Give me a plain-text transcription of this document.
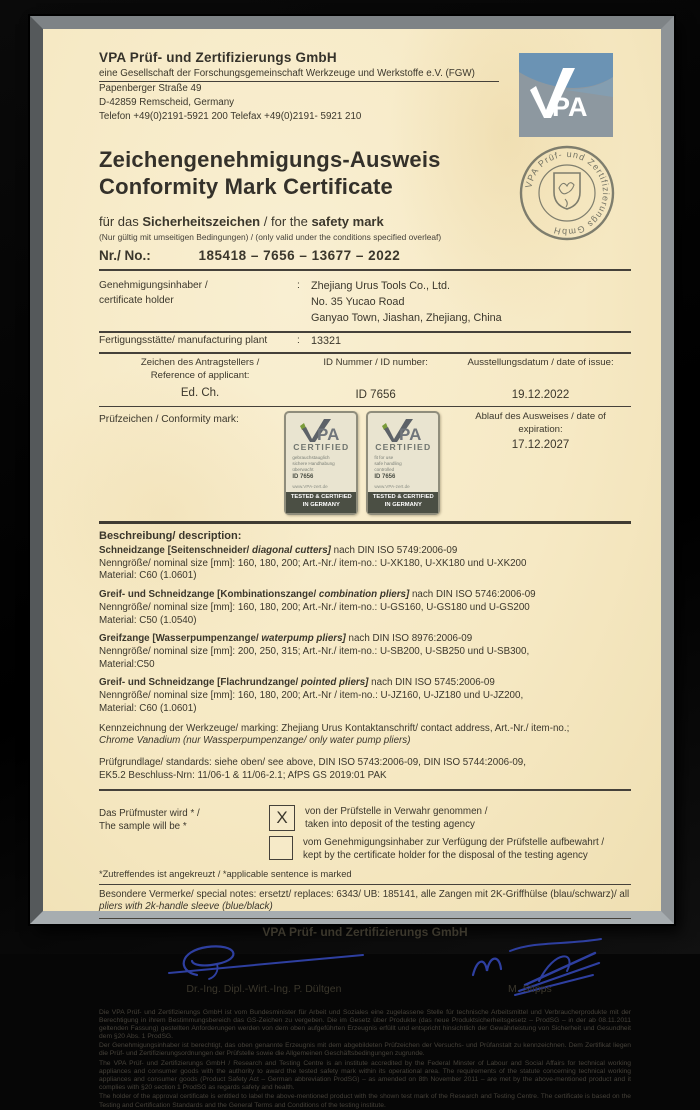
VPA Prüf- und Zertifizierungs GmbH
eine Gesellschaft der Forschungsgemeinschaft Werkzeuge und Werkstoffe e.V. (FGW)
Papenberger Straße 49
D-42859 Remscheid, Germany
Telefon +49(0)2191-5921 200 Telefax +49(0)2191- 5921 210	PA
VPA Prüf- und Zertifizierungs GmbH
Zeichengenehmigungs-Ausweis
Conformity Mark Certificate
für das Sicherheitszeichen / for the safety mark
(Nur gültig mit umseitigen Bedingungen) / (only valid under the conditions specified overleaf)
Nr./ No.:	185418 – 7656 – 13677 – 2022
Genehmigungsinhaber /
certificate holder
:	Zhejiang Urus Tools Co., Ltd.
No. 35 Yucao Road
Ganyao Town, Jiashan, Zhejiang, China
Fertigungsstätte/ manufacturing plant	:	13321
Zeichen des Antragstellers /
Reference of applicant:
Ed. Ch.
ID Nummer / ID number:
ID 7656
Ausstellungsdatum / date of issue:
19.12.2022
Prüfzeichen / Conformity mark:
PA
CERTIFIED
gebrauchstauglich
sichere Handhabung
überwacht
ID 7656
www.VPA-zert.de
TESTED & CERTIFIED
IN GERMANY
PA
CERTIFIED
fit for use
safe handling
controlled
ID 7656
www.VPA-zert.de
TESTED & CERTIFIED
IN GERMANY
Ablauf des Ausweises / date of
expiration:
17.12.2027
Beschreibung/ description:
Schneidzange [Seitenschneider/ diagonal cutters] nach DIN ISO 5749:2006-09
Nenngröße/ nominal size [mm]: 160, 180, 200; Art.-Nr./ item-no.: U-XK180, U-XK180 und U-XK200
Material: C60 (1.0601)
Greif- und Schneidzange [Kombinationszange/ combination pliers] nach DIN ISO 5746:2006-09
Nenngröße/ nominal size [mm]: 160, 180, 200; Art.-Nr./ item-no.: U-GS160, U-GS180 und U-GS200
Material: C50 (1.0540)
Greifzange [Wasserpumpenzange/ waterpump pliers] nach DIN ISO 8976:2006-09
Nenngröße/ nominal size [mm]: 200, 250, 315; Art.-Nr./ item-no.: U-SB200, U-SB250 und U-SB300,
Material:C50
Greif- und Schneidzange [Flachrundzange/ pointed pliers] nach DIN ISO 5745:2006-09
Nenngröße/ nominal size [mm]: 160, 180, 200; Art.-Nr / item-no.: U-JZ160, U-JZ180 und U-JZ200,
Material: C60 (1.0601)
Kennzeichnung der Werkzeuge/ marking: Zhejiang Urus Kontaktanschrift/ contact address, Art.-Nr./ item-no.;
Chrome Vanadium (nur Wassperpumpenzange/ only water pump pliers)
Prüfgrundlage/ standards: siehe oben/ see above, DIN ISO 5743:2006-09, DIN ISO 5744:2006-09,
EK5.2 Beschluss-Nrn: 11/06-1 & 11/06-2.1; AfPS GS 2019:01 PAK
Das Prüfmuster wird * /
The sample will be *
X	von der Prüfstelle in Verwahr genommen /
taken into deposit of the testing agency
vom Genehmigungsinhaber zur Verfügung der Prüfstelle aufbewahrt /
kept by the certificate holder for the disposal of the testing agency
*Zutreffendes ist angekreuzt / *applicable sentence is marked
Besondere Vermerke/ special notes: ersetzt/ replaces: 6343/ UB: 185141, alle Zangen mit 2K-Griffhülse (blau/schwarz)/ all
pliers with 2k-handle sleeve (blue/black)
VPA Prüf- und Zertifizierungs GmbH
Dr.-Ing. Dipl.-Wirt.-Ing. P. Dültgen	M. Stipps

Die VPA Prüf- und Zertifizierungs GmbH ist vom Bundesminister für Arbeit und Soziales eine zugelassene Stelle für technische Arbeitsmittel und Verbraucherprodukte mit der Berechtigung in ihrem Bestimmungsbereich das GS-Zeichen zu vergeben. Die im Gesetz über Produkte (das neue Produktsicherheitsgesetz – ProdSG – in der ab 08.11.2011 geltenden Fassung) gestellten Anforderungen werden von dem oben aufgeführten Erzeugnis erfüllt und entspricht hinsichtlich der Gewährleistung von Sicherheit und Gesundheit dem §20 Abs. 1 ProdSG.

Der Genehmigungsinhaber ist berechtigt, das oben genannte Erzeugnis mit dem abgebildeten Prüfzeichen der Versuchs- und Prüfanstalt zu kennzeichnen. Dem Zertifikat liegen die Prüf- und Zertifizierungsordnungen der Prüfstelle sowie die Allgemeinen Geschäftsbedingungen zugrunde.

The VPA Prüf- und Zertifizierungs GmbH / Research and Testing Centre is an institute accredited by the Federal Minster of Labour and Social Affairs for technical working appliances and consumer goods with the authority to award the tested safety mark within its operational area. The requirements of the statute concerning technical working appliances and consumer goods (Product Safety Act – German abbreviation ProdSG) – as amended on 8th November 2011 – are met by the above-mentioned product and it complies with §20 section 1 ProdSG as regards safety and health.

The holder of the approval certificate is entitled to label the above-mentioned product with the shown test mark of the Research and Testing Centre. The certificate is based on the Testing and Certification Standards and the General Terms and Conditions of the testing institute.
